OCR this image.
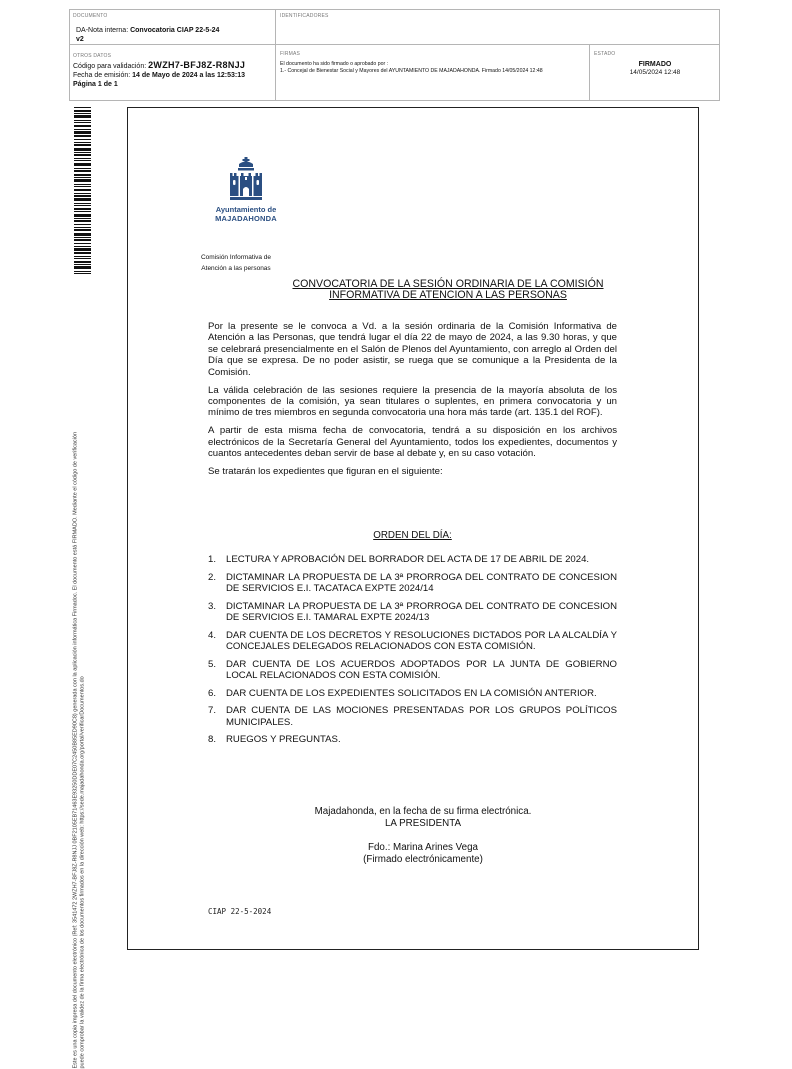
DOCUMENTO
DA-Nota interna: Convocatoria CIAP 22-5-24
v2
IDENTIFICADORES
OTROS DATOS
Código para validación: 2WZH7-BFJ8Z-R8NJJ
Fecha de emisión: 14 de Mayo de 2024 a las 12:53:13
Página 1 de 1
FIRMAS
El documento ha sido firmado o aprobado por :
1.- Concejal de Bienestar Social y Mayores del AYUNTAMIENTO DE MAJADAHONDA. Firmado 14/05/2024 12:48
ESTADO
FIRMADO
14/05/2024 12:48
Este es una copia impresa del documento electrónico (Ref: 3541472 2WZH7-BFJ8Z-R8NJJ 0BF2105EB71463E93250DDE07C2450B85ED90C8) generada con la aplicación informática Firmadoc. El documento está FIRMADO. Mediante el código de verificación puede comprobar la validez de la firma electrónica de los documentos firmados en la dirección web: https://sede.majadahonda.org/portal/verificarDocumentos.do
Ayuntamiento de
MAJADAHONDA
Comisión Informativa de
Atención a las personas
CONVOCATORIA DE LA SESIÓN ORDINARIA DE LA COMISIÓN
INFORMATIVA DE ATENCION A LAS PERSONAS

Por la presente se le convoca a Vd. a la sesión ordinaria de la Comisión Informativa de Atención a las Personas, que tendrá lugar el día 22 de mayo de 2024, a las 9.30 horas, y que se celebrará presencialmente en el Salón de Plenos del Ayuntamiento, con arreglo al Orden del Día que se expresa. De no poder asistir, se ruega que se comunique a la Presidenta de la Comisión.

La válida celebración de las sesiones requiere la presencia de la mayoría absoluta de los componentes de la comisión, ya sean titulares o suplentes, en primera convocatoria y un mínimo de tres miembros en segunda convocatoria una hora más tarde (art. 135.1 del ROF).

A partir de esta misma fecha de convocatoria, tendrá a su disposición en los archivos electrónicos de la Secretaría General del Ayuntamiento, todos los expedientes, documentos y cuantos antecedentes deban servir de base al debate y, en su caso votación.

Se tratarán los expedientes que figuran en el siguiente:

ORDEN DEL DÍA:
1. LECTURA Y APROBACIÓN DEL BORRADOR DEL ACTA DE 17 DE ABRIL DE 2024.
2. DICTAMINAR LA PROPUESTA DE LA 3ª PRORROGA DEL CONTRATO DE CONCESION DE SERVICIOS E.I. TACATACA EXPTE 2024/14
3. DICTAMINAR LA PROPUESTA DE LA 3ª PRORROGA DEL CONTRATO DE CONCESION DE SERVICIOS E.I. TAMARAL EXPTE 2024/13
4. DAR CUENTA DE LOS DECRETOS Y RESOLUCIONES DICTADOS POR LA ALCALDÍA Y CONCEJALES DELEGADOS RELACIONADOS CON ESTA COMISIÓN.
5. DAR CUENTA DE LOS ACUERDOS ADOPTADOS POR LA JUNTA DE GOBIERNO LOCAL RELACIONADOS CON ESTA COMISIÓN.
6. DAR CUENTA DE LOS EXPEDIENTES SOLICITADOS EN LA COMISIÓN ANTERIOR.
7. DAR CUENTA DE LAS MOCIONES PRESENTADAS POR LOS GRUPOS POLÍTICOS MUNICIPALES.
8. RUEGOS Y PREGUNTAS.
Majadahonda, en la fecha de su firma electrónica.
LA PRESIDENTA
Fdo.: Marina Arines Vega
(Firmado electrónicamente)
CIAP 22-5-2024
